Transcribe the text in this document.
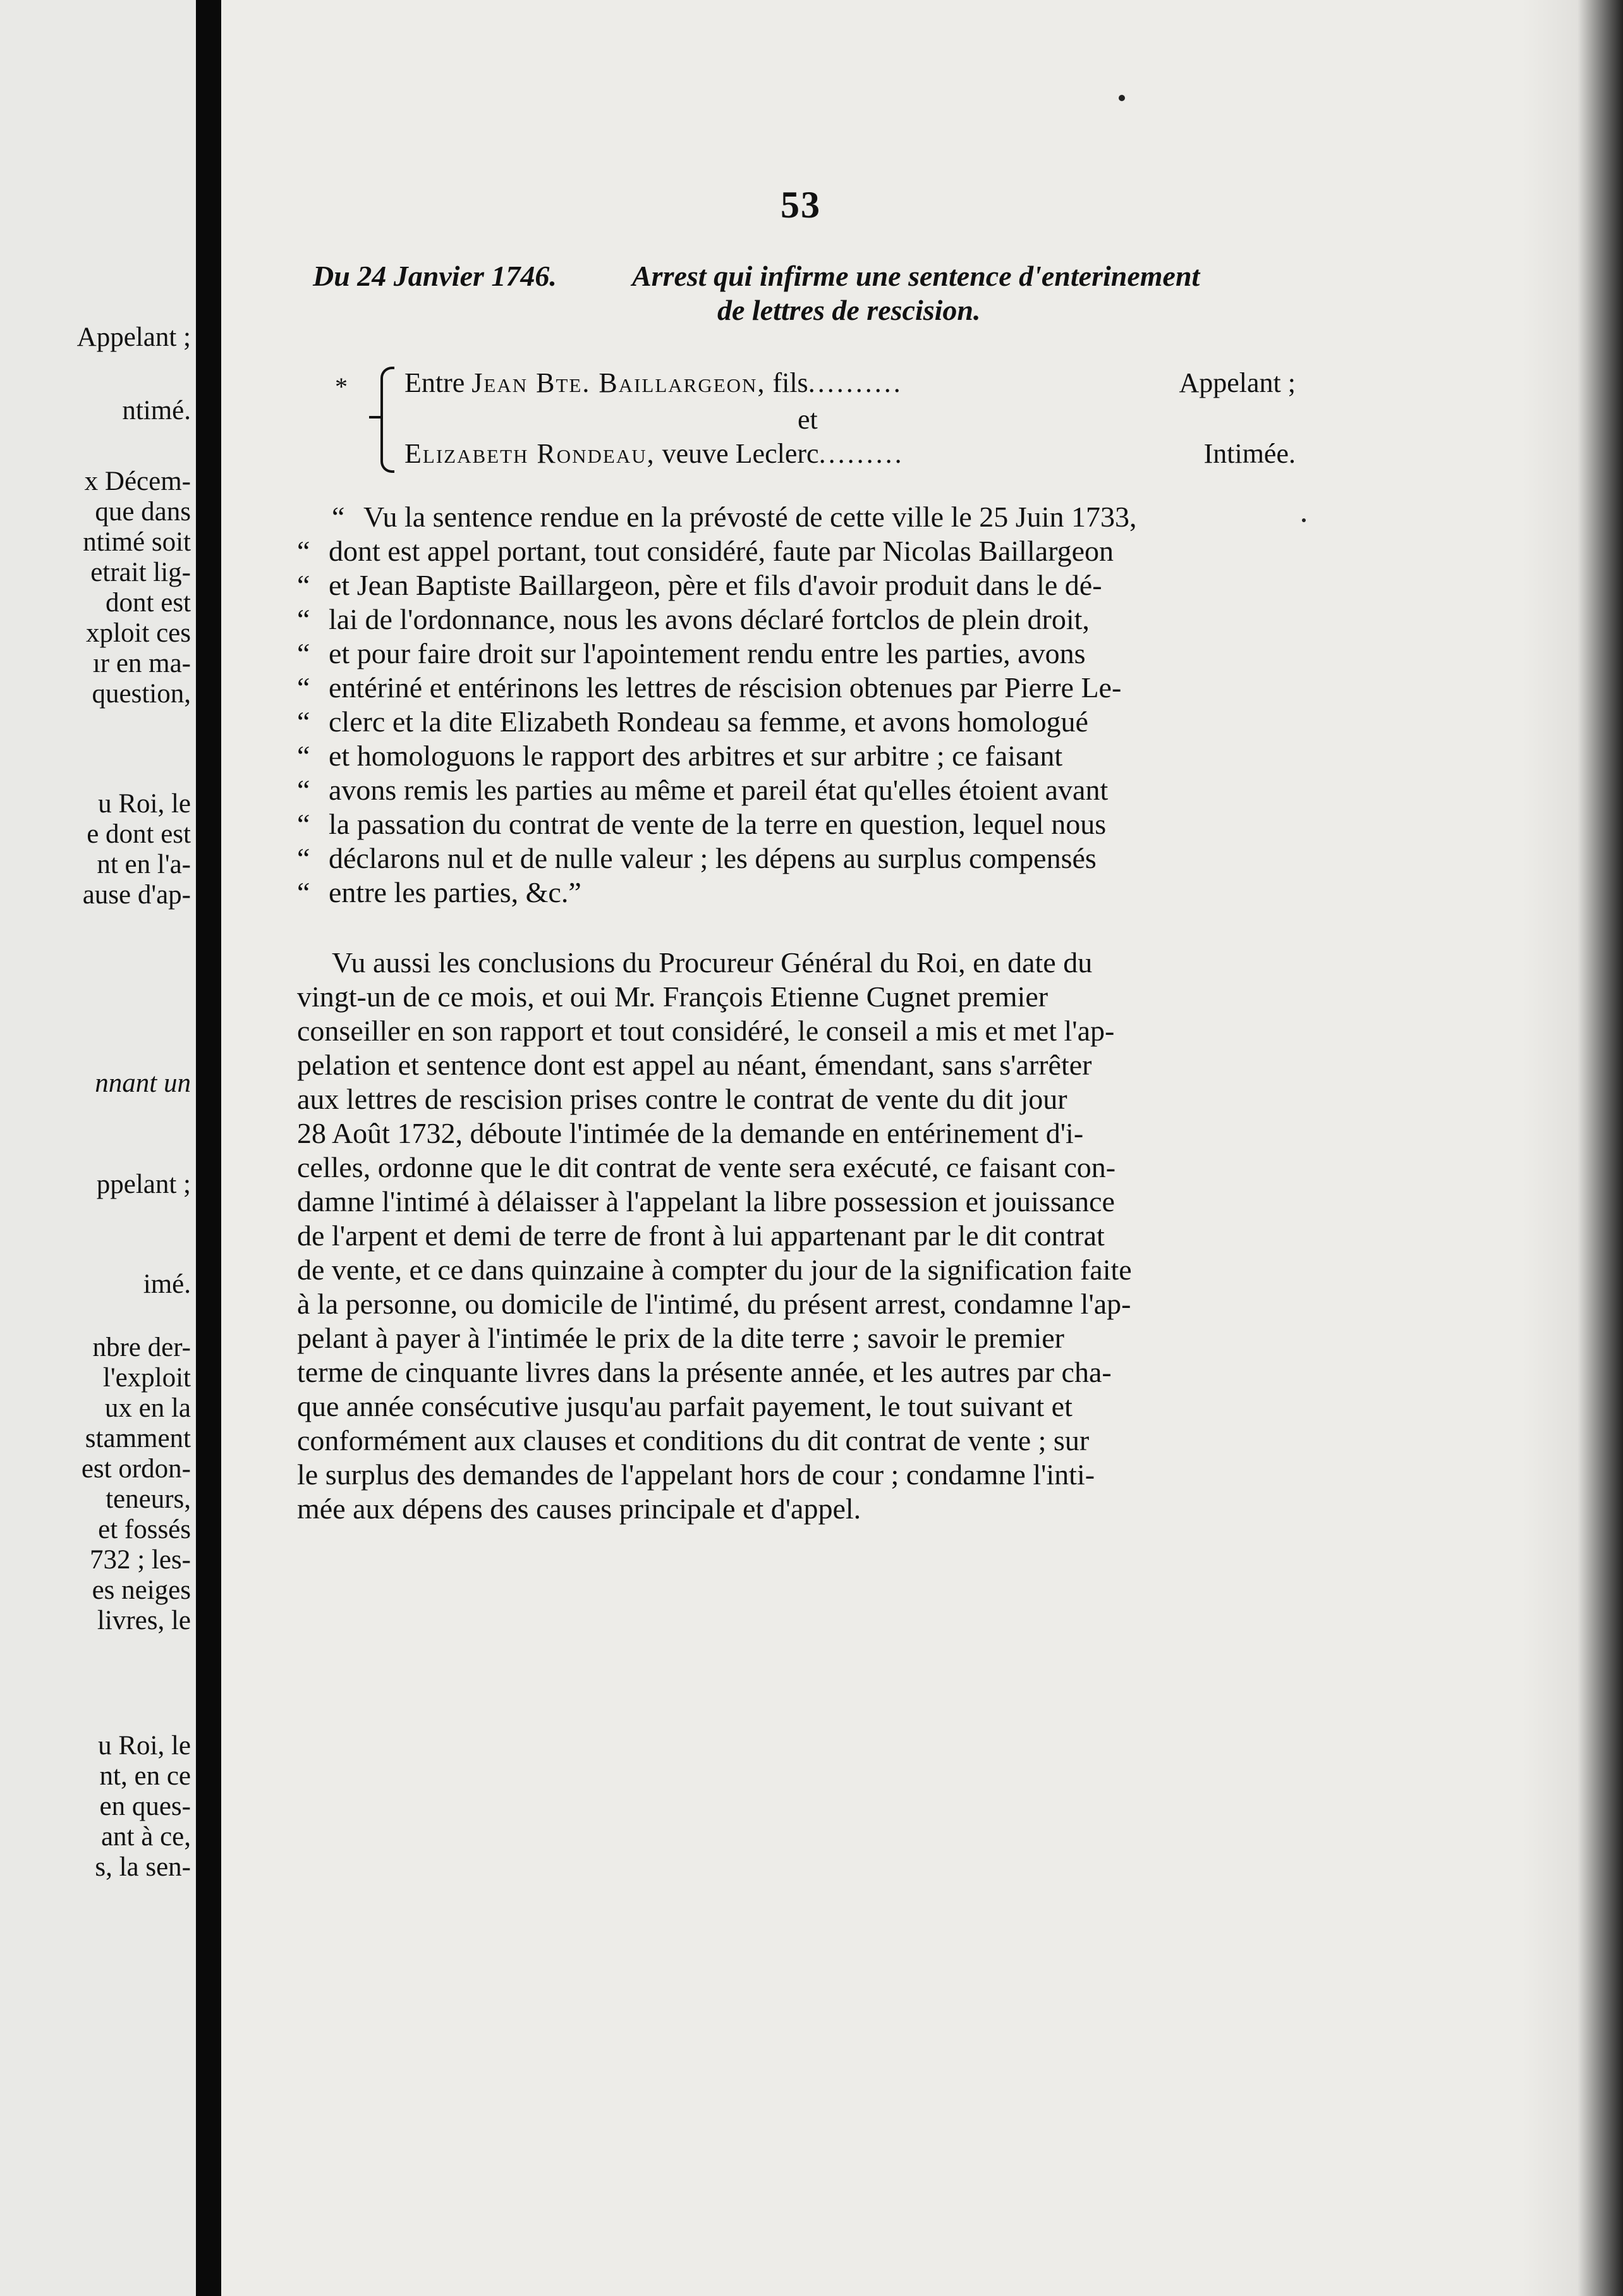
Appelant ;
ntimé.
x Décem-
que dans
ntimé soit
etrait lig-
dont est
xploit ces
ır en ma-
question,
u Roi, le
e dont est
nt en l'a-
ause d'ap-
nnant un
ppelant ;
imé.
nbre der-
l'exploit
ux en la
stamment
est ordon-
teneurs,
et fossés
732 ; les-
es neiges
livres, le
u Roi, le
nt, en ce
en ques-
ant à ce,
s, la sen-
53
Du 24 Janvier 1746.	Arrest qui infirme une sentence d'enterinement
de lettres de rescision.
* Entre Jean Bte. Baillargeon, fils..........	Appelant ;
et
Elizabeth Rondeau, veuve Leclerc.........	Intimée.
“ Vu la sentence rendue en la prévosté de cette ville le 25 Juin 1733,
“ dont est appel portant, tout considéré, faute par Nicolas Baillargeon
“ et Jean Baptiste Baillargeon, père et fils d'avoir produit dans le dé-
“ lai de l'ordonnance, nous les avons déclaré fortclos de plein droit,
“ et pour faire droit sur l'apointement rendu entre les parties, avons
“ entériné et entérinons les lettres de réscision obtenues par Pierre Le-
“ clerc et la dite Elizabeth Rondeau sa femme, et avons homologué
“ et homologuons le rapport des arbitres et sur arbitre ; ce faisant
“ avons remis les parties au même et pareil état qu'elles étoient avant
“ la passation du contrat de vente de la terre en question, lequel nous
“ déclarons nul et de nulle valeur ; les dépens au surplus compensés
“ entre les parties, &c.”
Vu aussi les conclusions du Procureur Général du Roi, en date du
vingt-un de ce mois, et oui Mr. François Etienne Cugnet premier
conseiller en son rapport et tout considéré, le conseil a mis et met l'ap-
pelation et sentence dont est appel au néant, émendant, sans s'arrêter
aux lettres de rescision prises contre le contrat de vente du dit jour
28 Août 1732, déboute l'intimée de la demande en entérinement d'i-
celles, ordonne que le dit contrat de vente sera exécuté, ce faisant con-
damne l'intimé à délaisser à l'appelant la libre possession et jouissance
de l'arpent et demi de terre de front à lui appartenant par le dit contrat
de vente, et ce dans quinzaine à compter du jour de la signification faite
à la personne, ou domicile de l'intimé, du présent arrest, condamne l'ap-
pelant à payer à l'intimée le prix de la dite terre ; savoir le premier
terme de cinquante livres dans la présente année, et les autres par cha-
que année consécutive jusqu'au parfait payement, le tout suivant et
conformément aux clauses et conditions du dit contrat de vente ; sur
le surplus des demandes de l'appelant hors de cour ; condamne l'inti-
mée aux dépens des causes principale et d'appel.
